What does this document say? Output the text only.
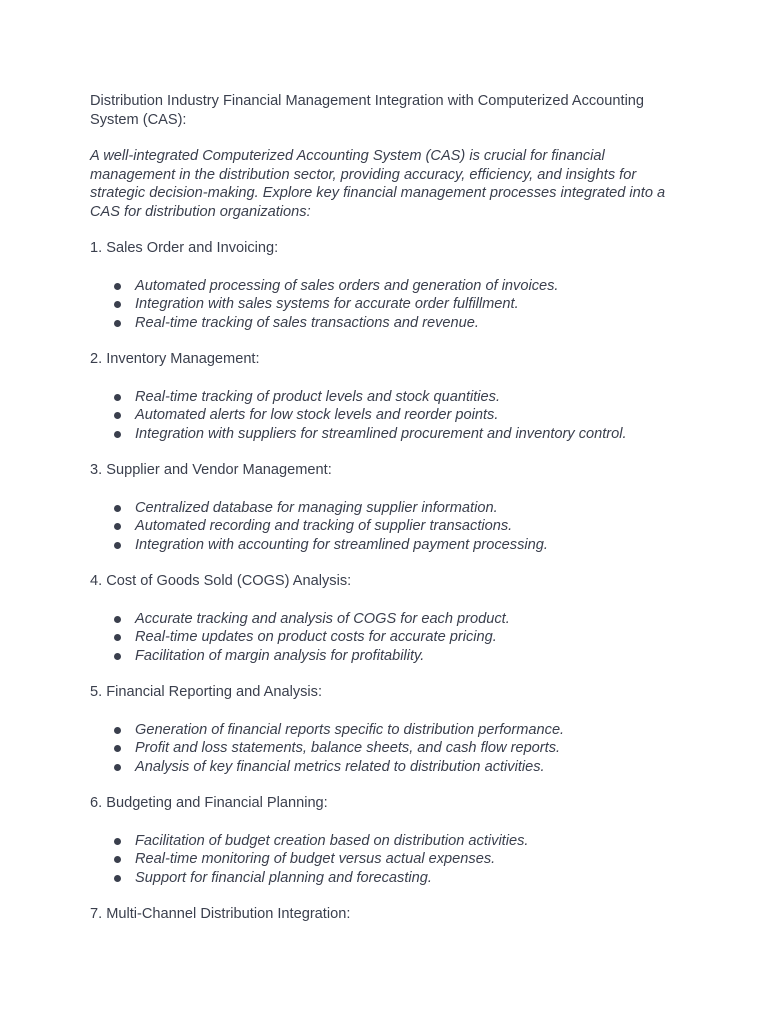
Distribution Industry Financial Management Integration with Computerized Accounting System (CAS):

A well-integrated Computerized Accounting System (CAS) is crucial for financial management in the distribution sector, providing accuracy, efficiency, and insights for strategic decision-making. Explore key financial management processes integrated into a CAS for distribution organizations:

1. Sales Order and Invoicing:

Automated processing of sales orders and generation of invoices.
Integration with sales systems for accurate order fulfillment.
Real-time tracking of sales transactions and revenue.

2. Inventory Management:

Real-time tracking of product levels and stock quantities.
Automated alerts for low stock levels and reorder points.
Integration with suppliers for streamlined procurement and inventory control.

3. Supplier and Vendor Management:

Centralized database for managing supplier information.
Automated recording and tracking of supplier transactions.
Integration with accounting for streamlined payment processing.

4. Cost of Goods Sold (COGS) Analysis:

Accurate tracking and analysis of COGS for each product.
Real-time updates on product costs for accurate pricing.
Facilitation of margin analysis for profitability.

5. Financial Reporting and Analysis:

Generation of financial reports specific to distribution performance.
Profit and loss statements, balance sheets, and cash flow reports.
Analysis of key financial metrics related to distribution activities.

6. Budgeting and Financial Planning:

Facilitation of budget creation based on distribution activities.
Real-time monitoring of budget versus actual expenses.
Support for financial planning and forecasting.

7. Multi-Channel Distribution Integration:
